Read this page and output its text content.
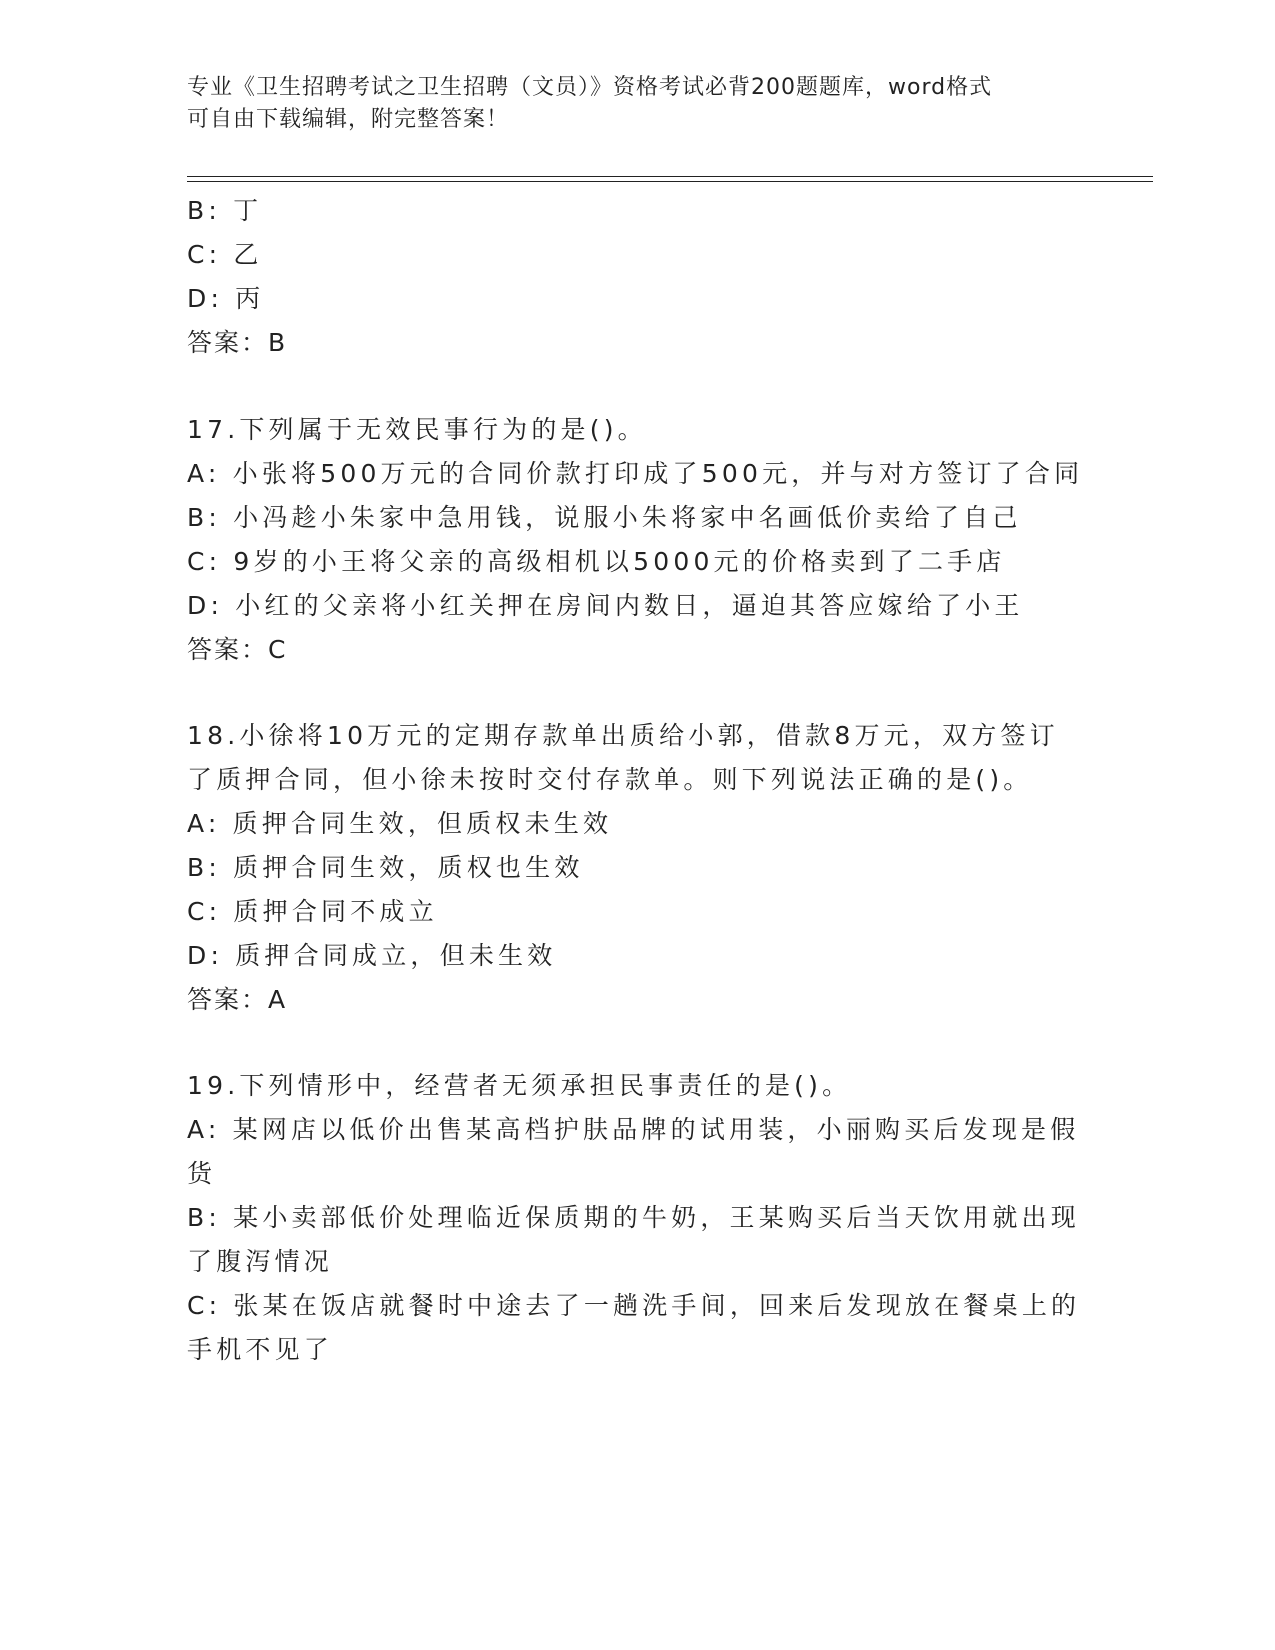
专业《卫生招聘考试之卫生招聘（文员）》资格考试必背200题题库，word格式
可自由下载编辑，附完整答案！
B: 丁
C: 乙
D: 丙
答案：B
17.下列属于无效民事行为的是()。
A: 小张将500万元的合同价款打印成了500元，并与对方签订了合同
B: 小冯趁小朱家中急用钱，说服小朱将家中名画低价卖给了自己
C: 9岁的小王将父亲的高级相机以5000元的价格卖到了二手店
D: 小红的父亲将小红关押在房间内数日，逼迫其答应嫁给了小王
答案：C
18.小徐将10万元的定期存款单出质给小郭，借款8万元，双方签订
了质押合同，但小徐未按时交付存款单。则下列说法正确的是()。
A: 质押合同生效，但质权未生效
B: 质押合同生效，质权也生效
C: 质押合同不成立
D: 质押合同成立，但未生效
答案：A
19.下列情形中，经营者无须承担民事责任的是()。
A: 某网店以低价出售某高档护肤品牌的试用装，小丽购买后发现是假
货
B: 某小卖部低价处理临近保质期的牛奶，王某购买后当天饮用就出现
了腹泻情况
C: 张某在饭店就餐时中途去了一趟洗手间，回来后发现放在餐桌上的
手机不见了
